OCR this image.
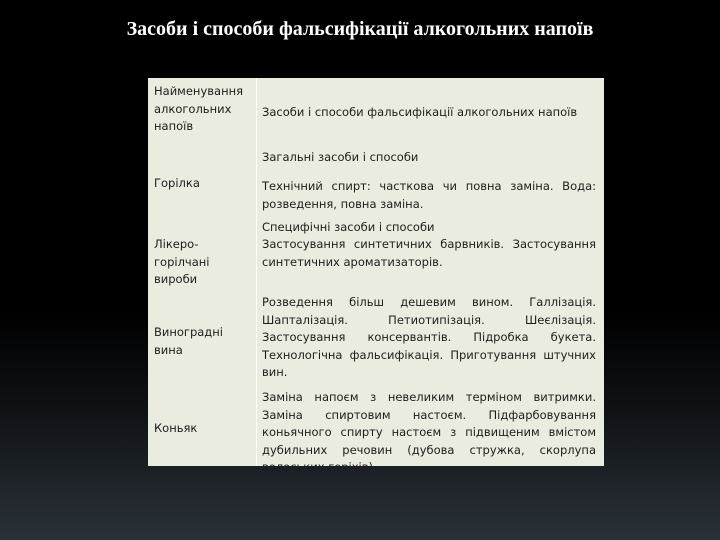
Засоби і способи фальсифікації алкогольних напоїв
Найменування алкогольних напоїв
Засоби і способи фальсифікації алкогольних напоїв
Загальні засоби і способи
Горілка	Технічний спирт: часткова чи повна заміна. Вода: розведення, повна заміна.
Специфічні засоби і способи
Лікеро-горілчані вироби
Застосування синтетичних барвників. Застосування синтетичних ароматизаторів.
Виноградні вина
Розведення більш дешевим вином. Галлізація. Шапталізація. Петиотипізація. Шеєлізація. Застосування консервантів. Підробка букета. Технологічна фальсифікація. Приготування штучних вин.
Коньяк
Заміна напоєм з невеликим терміном витримки. Заміна спиртовим настоєм. Підфарбовування коньячного спирту настоєм з підвищеним вмістом дубильних речовин (дубова стружка, скорлупа волоських горіхів).
